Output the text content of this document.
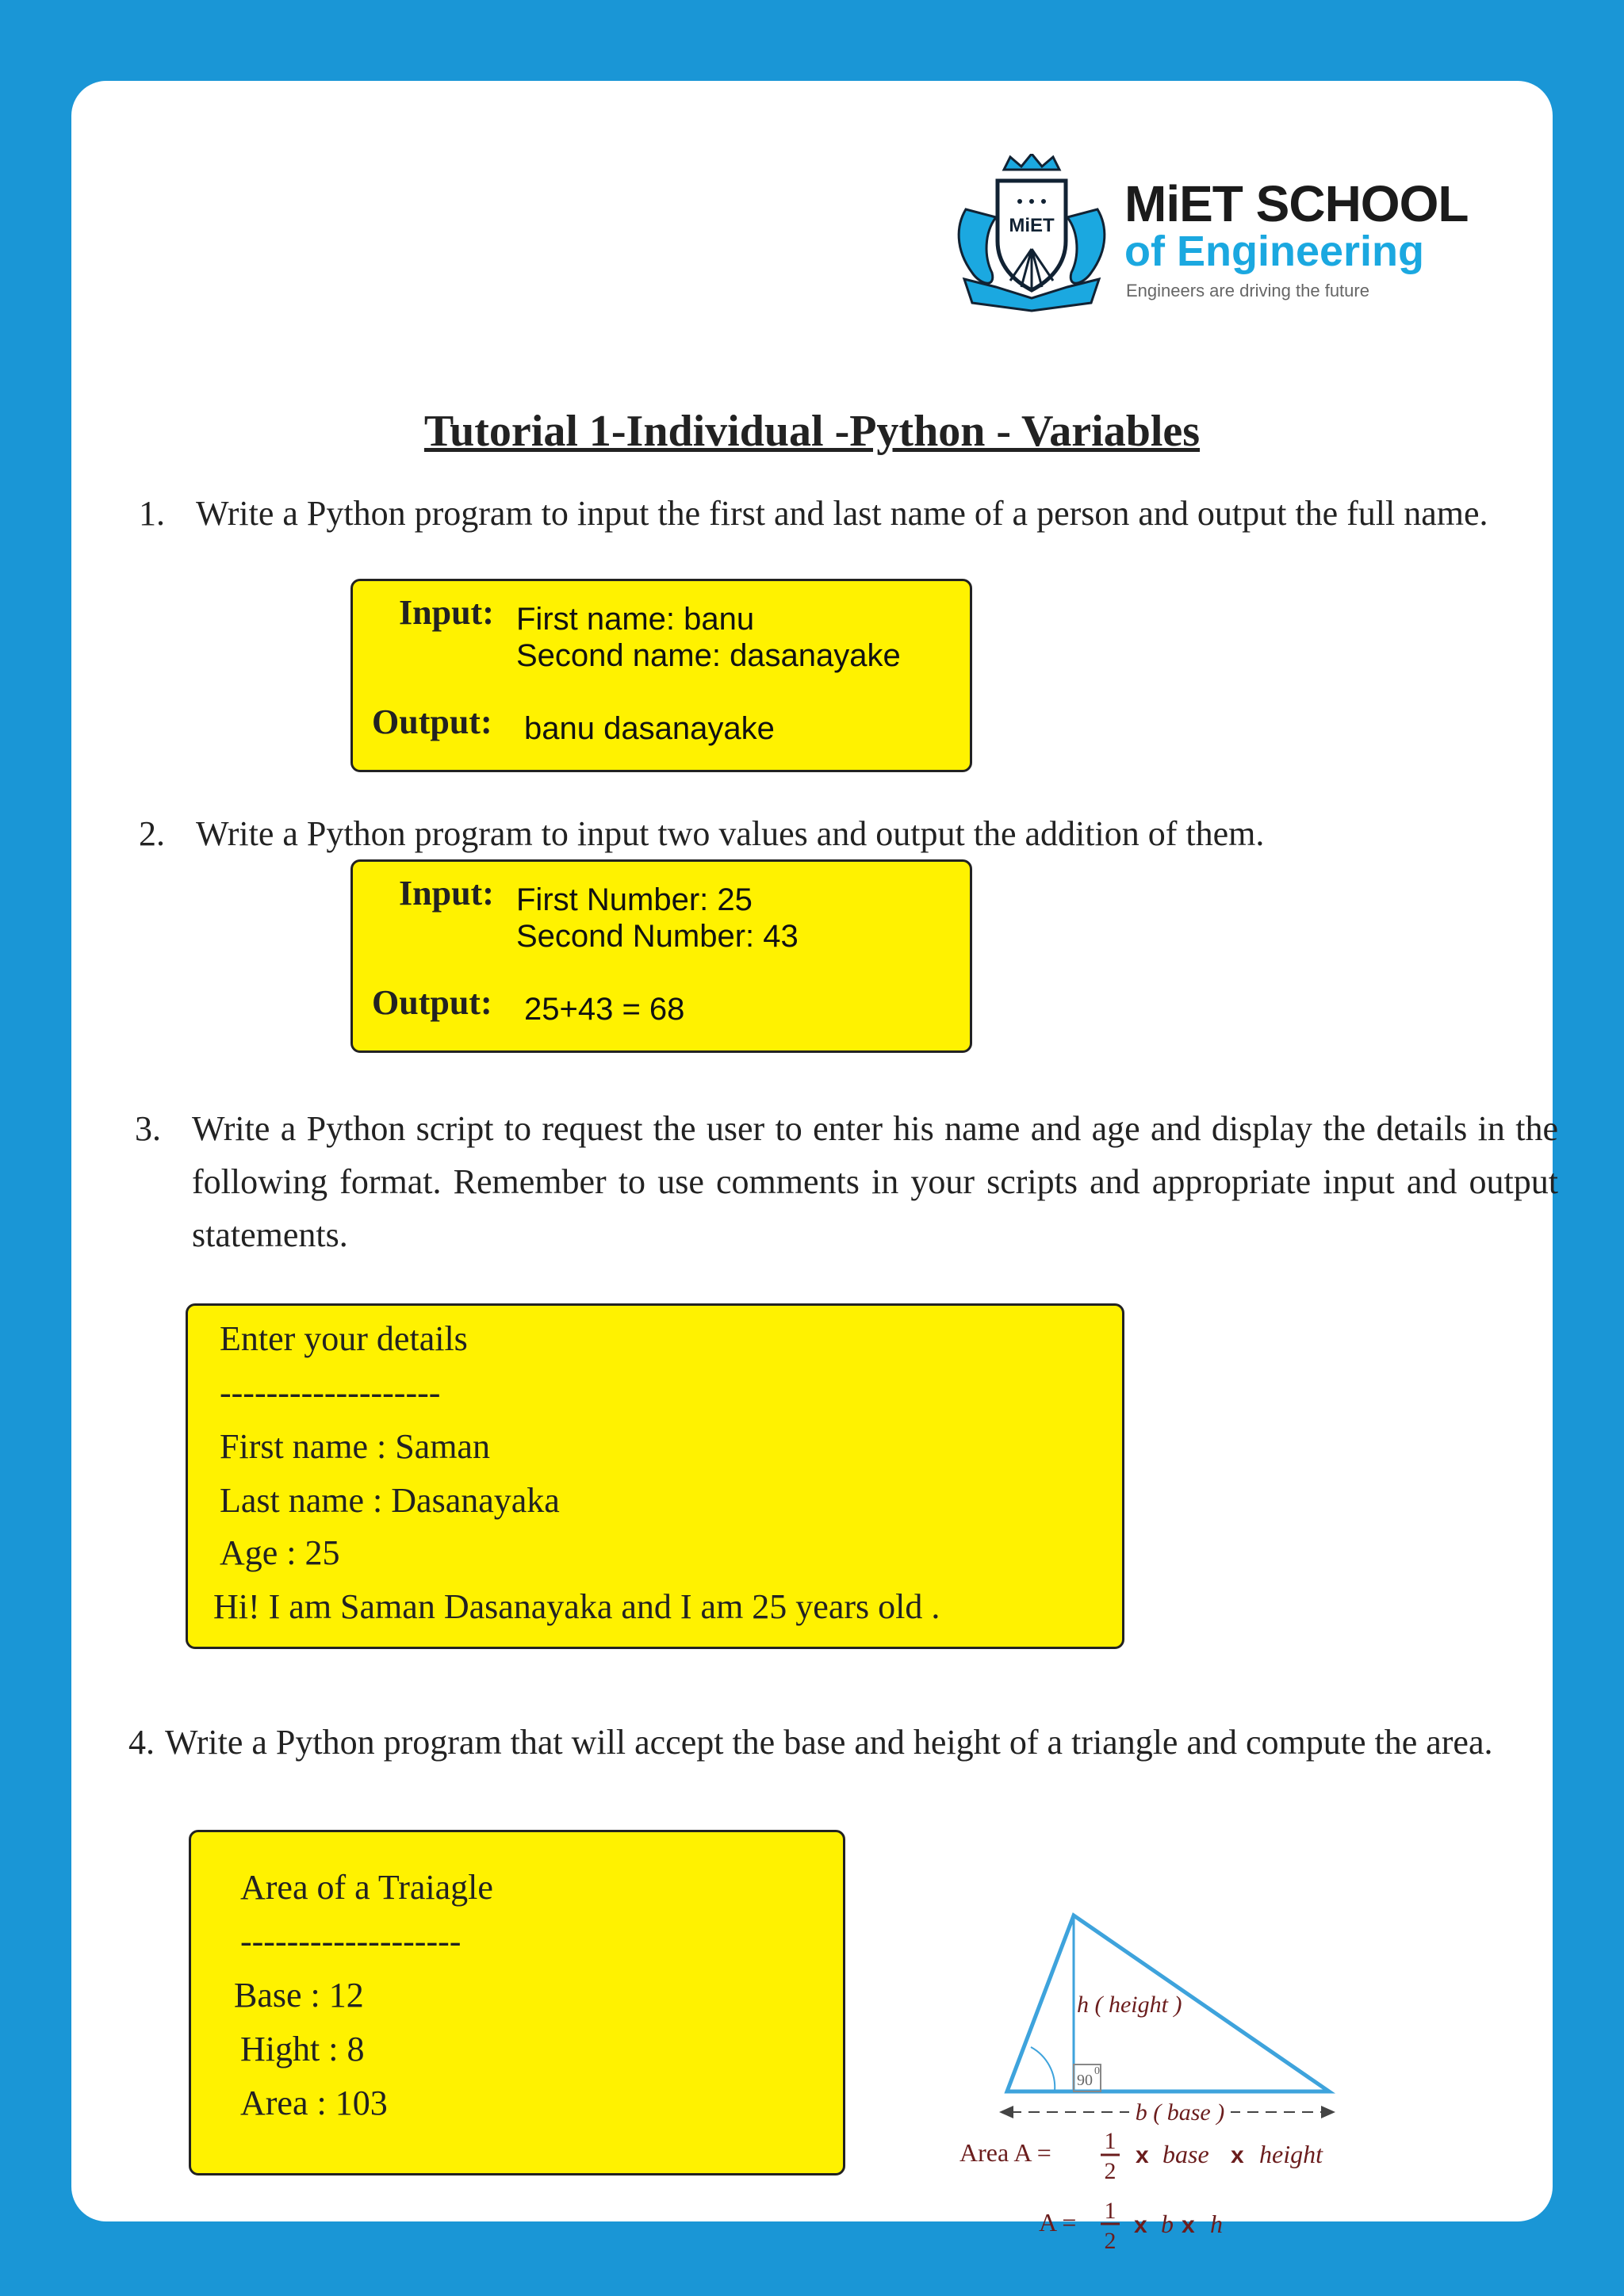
MiET MiET SCHOOL
of Engineering
Engineers are driving the future
Tutorial 1-Individual -Python - Variables
1. Write a Python program to input the first and last name of a person and output the full name.
Input: First name: banu
Second name: dasanayake
Output: banu dasanayake
2. Write a Python program to input two values and output the addition of them.
Input: First Number: 25
Second Number: 43
Output: 25+43 = 68
3. Write a Python script to request the user to enter his name and age and display the details in the following format. Remember to use comments in your scripts and appropriate input and output statements.
Enter your details
-------------------
First name : Saman
Last name : Dasanayaka
Age : 25
Hi! I am Saman Dasanayaka and I am 25 years old .
4. Write a Python program that will accept the base and height of a triangle and compute the area.
Area of a Traiagle
-------------------
Base : 12
Hight : 8
Area : 103
h ( height )
90
0
b ( base )
Area A = 1
2
x base x height
A = 1
2
x b x h
